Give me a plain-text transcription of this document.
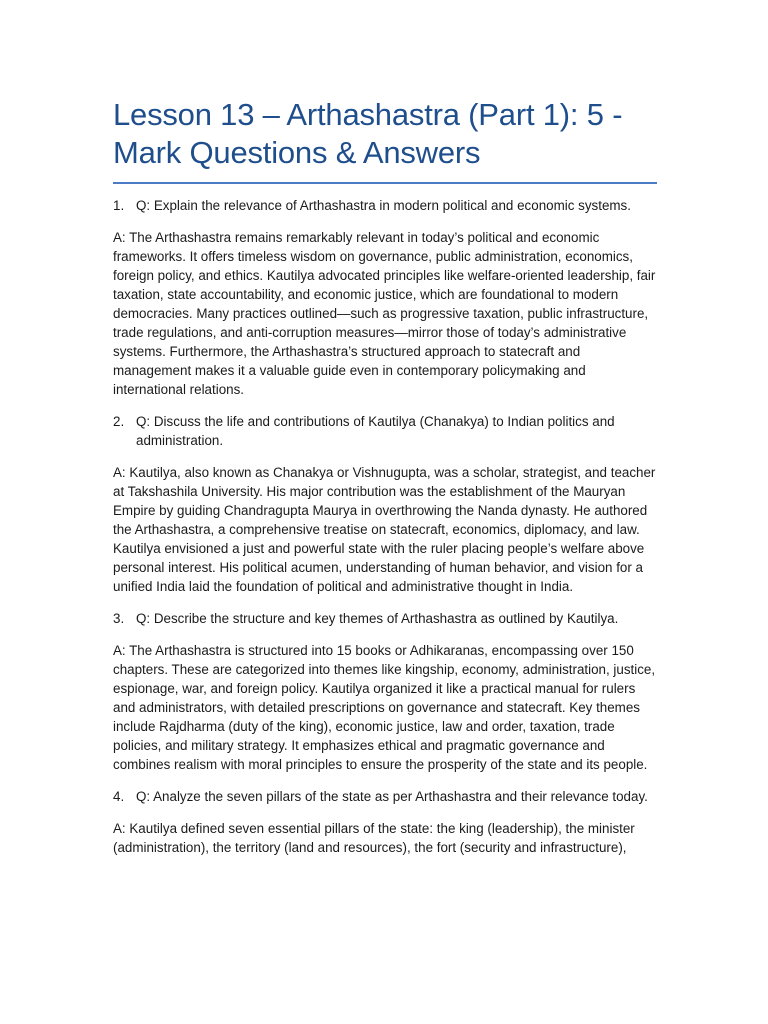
Lesson 13 – Arthashastra (Part 1): 5 -Mark Questions & Answers

1. Q: Explain the relevance of Arthashastra in modern political and economic systems.

A: The Arthashastra remains remarkably relevant in today’s political and economic frameworks. It offers timeless wisdom on governance, public administration, economics, foreign policy, and ethics. Kautilya advocated principles like welfare-oriented leadership, fair taxation, state accountability, and economic justice, which are foundational to modern democracies. Many practices outlined—such as progressive taxation, public infrastructure, trade regulations, and anti-corruption measures—mirror those of today’s administrative systems. Furthermore, the Arthashastra’s structured approach to statecraft and management makes it a valuable guide even in contemporary policymaking and international relations.

2. Q: Discuss the life and contributions of Kautilya (Chanakya) to Indian politics and administration.

A: Kautilya, also known as Chanakya or Vishnugupta, was a scholar, strategist, and teacher at Takshashila University. His major contribution was the establishment of the Mauryan Empire by guiding Chandragupta Maurya in overthrowing the Nanda dynasty. He authored the Arthashastra, a comprehensive treatise on statecraft, economics, diplomacy, and law. Kautilya envisioned a just and powerful state with the ruler placing people’s welfare above personal interest. His political acumen, understanding of human behavior, and vision for a unified India laid the foundation of political and administrative thought in India.

3. Q: Describe the structure and key themes of Arthashastra as outlined by Kautilya.

A: The Arthashastra is structured into 15 books or Adhikaranas, encompassing over 150 chapters. These are categorized into themes like kingship, economy, administration, justice, espionage, war, and foreign policy. Kautilya organized it like a practical manual for rulers and administrators, with detailed prescriptions on governance and statecraft. Key themes include Rajdharma (duty of the king), economic justice, law and order, taxation, trade policies, and military strategy. It emphasizes ethical and pragmatic governance and combines realism with moral principles to ensure the prosperity of the state and its people.

4. Q: Analyze the seven pillars of the state as per Arthashastra and their relevance today.

A: Kautilya defined seven essential pillars of the state: the king (leadership), the minister (administration), the territory (land and resources), the fort (security and infrastructure),
